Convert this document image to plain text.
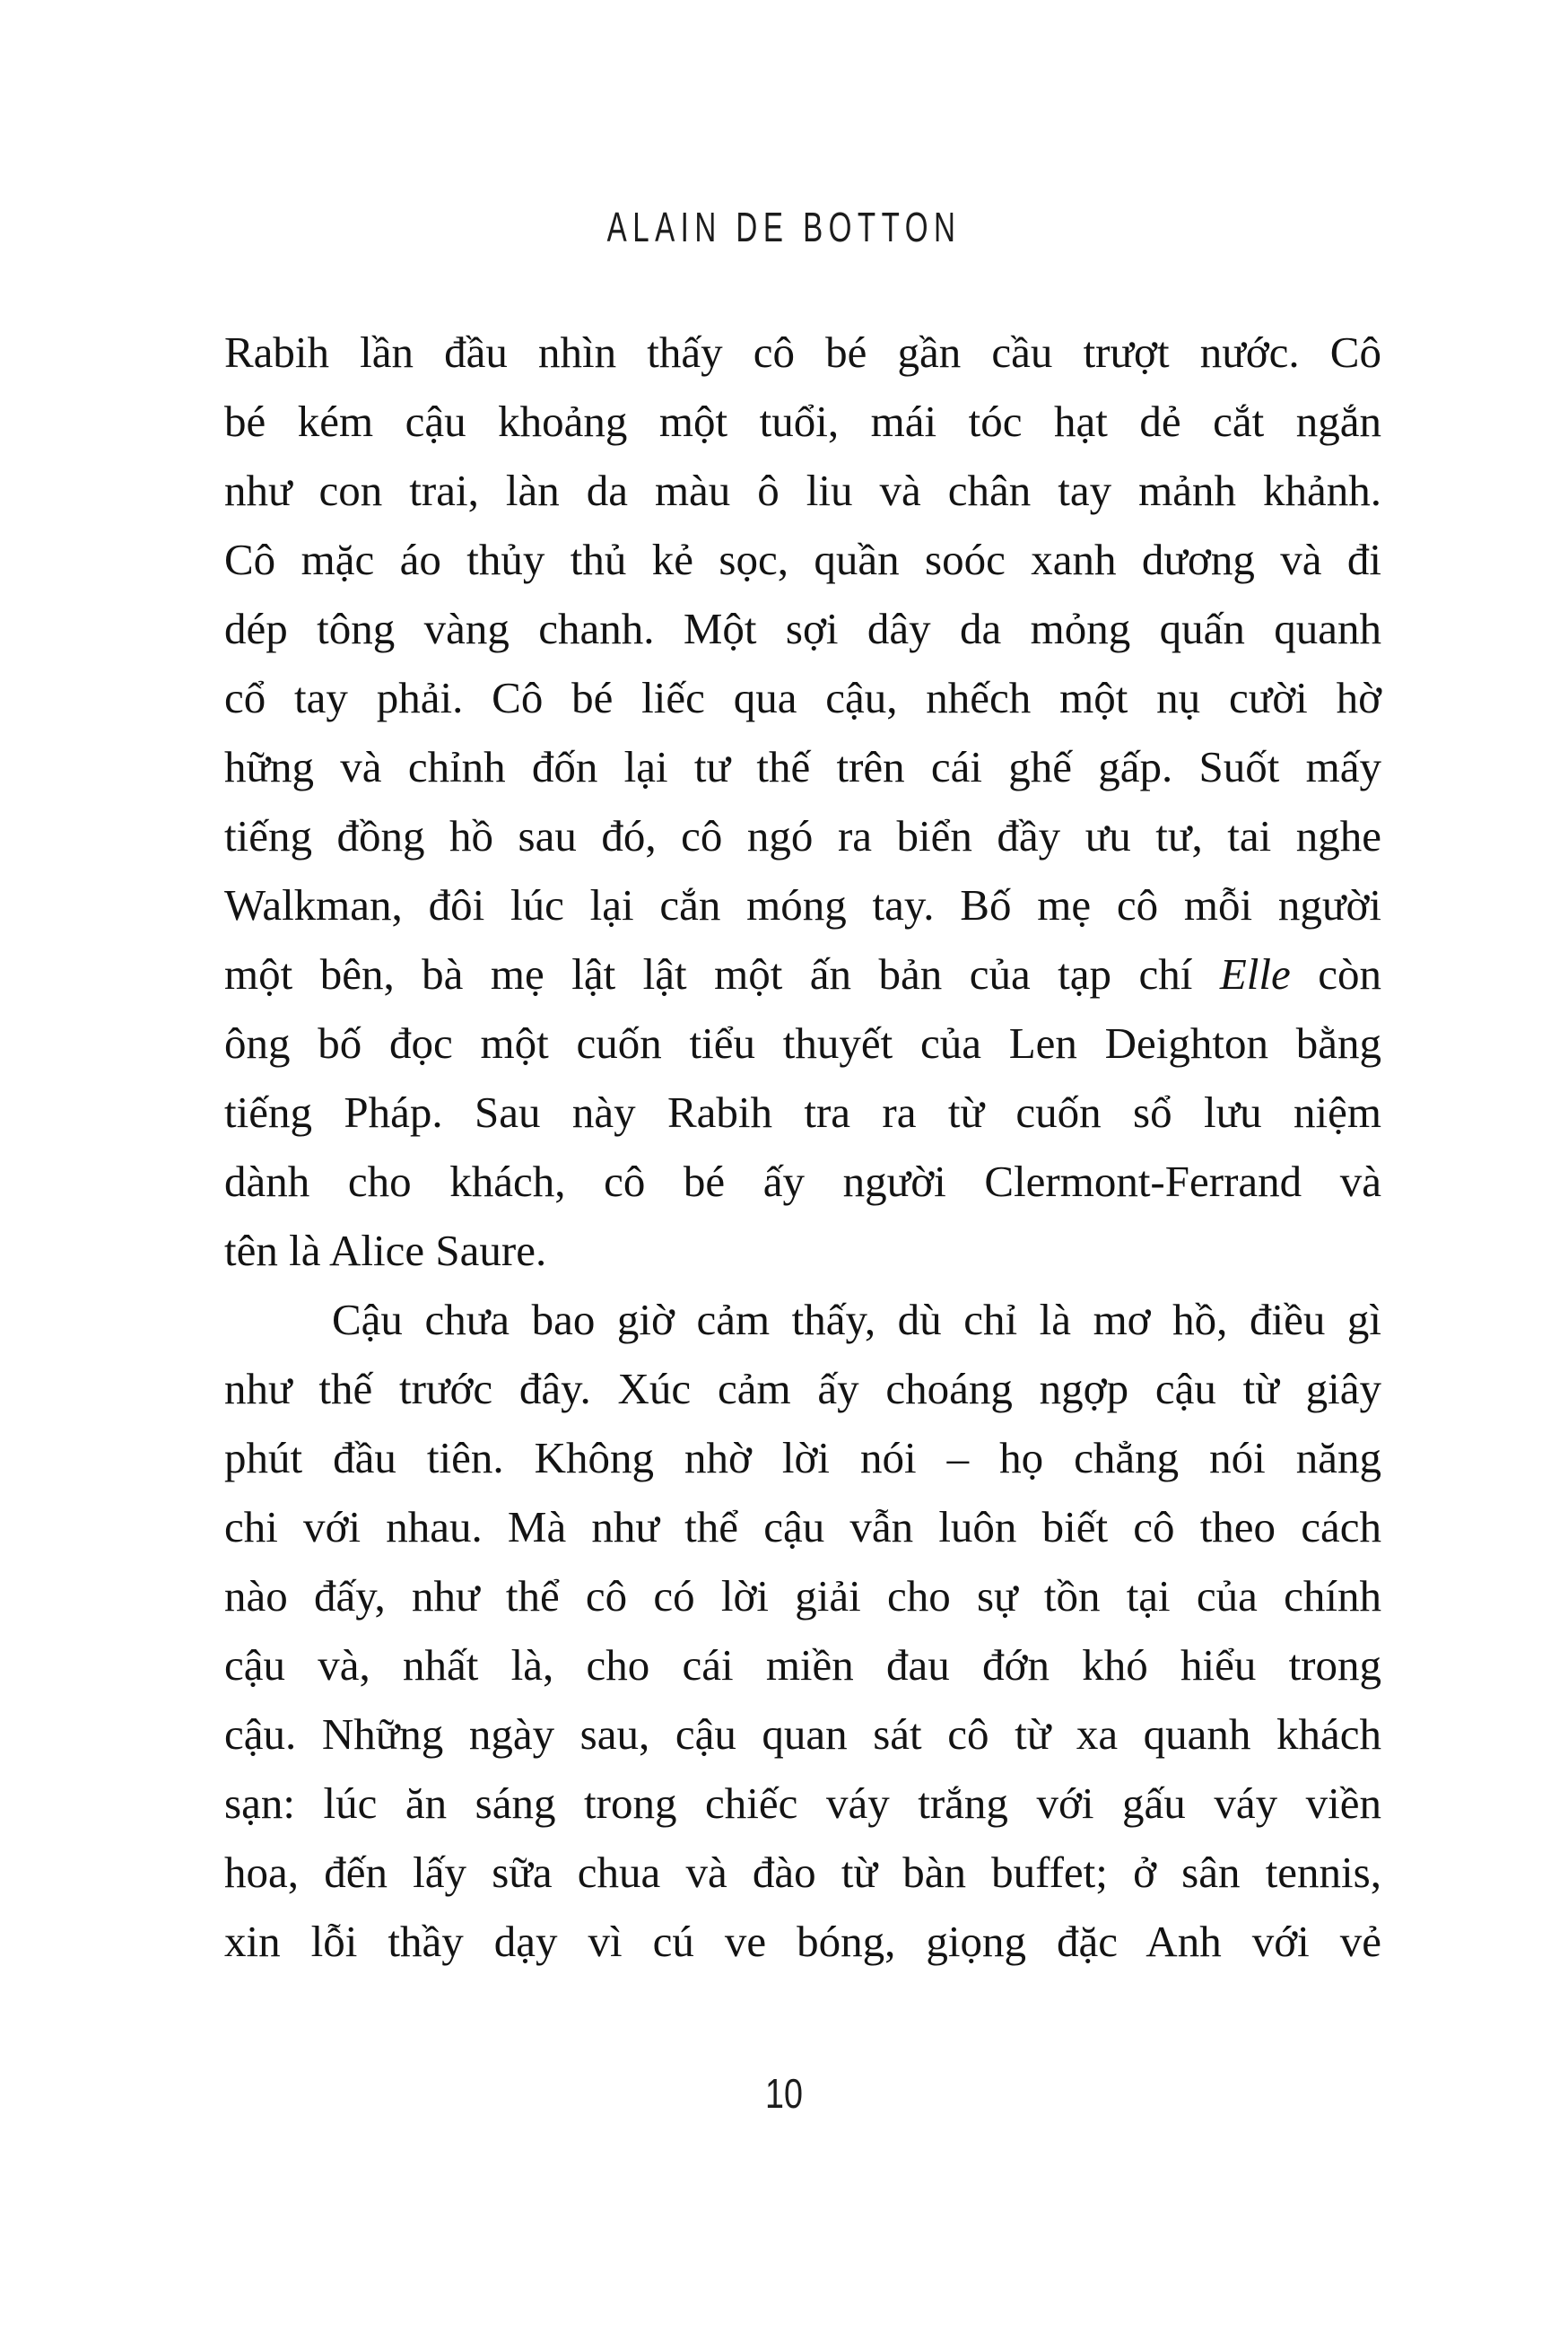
ALAIN DE BOTTON
Rabih lần đầu nhìn thấy cô bé gần cầu trượt nước. Cô
bé kém cậu khoảng một tuổi, mái tóc hạt dẻ cắt ngắn
như con trai, làn da màu ô liu và chân tay mảnh khảnh.
Cô mặc áo thủy thủ kẻ sọc, quần soóc xanh dương và đi
dép tông vàng chanh. Một sợi dây da mỏng quấn quanh
cổ tay phải. Cô bé liếc qua cậu, nhếch một nụ cười hờ
hững và chỉnh đốn lại tư thế trên cái ghế gấp. Suốt mấy
tiếng đồng hồ sau đó, cô ngó ra biển đầy ưu tư, tai nghe
Walkman, đôi lúc lại cắn móng tay. Bố mẹ cô mỗi người
một bên, bà mẹ lật lật một ấn bản của tạp chí Elle còn
ông bố đọc một cuốn tiểu thuyết của Len Deighton bằng
tiếng Pháp. Sau này Rabih tra ra từ cuốn sổ lưu niệm
dành cho khách, cô bé ấy người Clermont-Ferrand và
tên là Alice Saure.
Cậu chưa bao giờ cảm thấy, dù chỉ là mơ hồ, điều gì
như thế trước đây. Xúc cảm ấy choáng ngợp cậu từ giây
phút đầu tiên. Không nhờ lời nói – họ chẳng nói năng
chi với nhau. Mà như thể cậu vẫn luôn biết cô theo cách
nào đấy, như thể cô có lời giải cho sự tồn tại của chính
cậu và, nhất là, cho cái miền đau đớn khó hiểu trong
cậu. Những ngày sau, cậu quan sát cô từ xa quanh khách
sạn: lúc ăn sáng trong chiếc váy trắng với gấu váy viền
hoa, đến lấy sữa chua và đào từ bàn buffet; ở sân tennis,
xin lỗi thầy dạy vì cú ve bóng, giọng đặc Anh với vẻ
10
